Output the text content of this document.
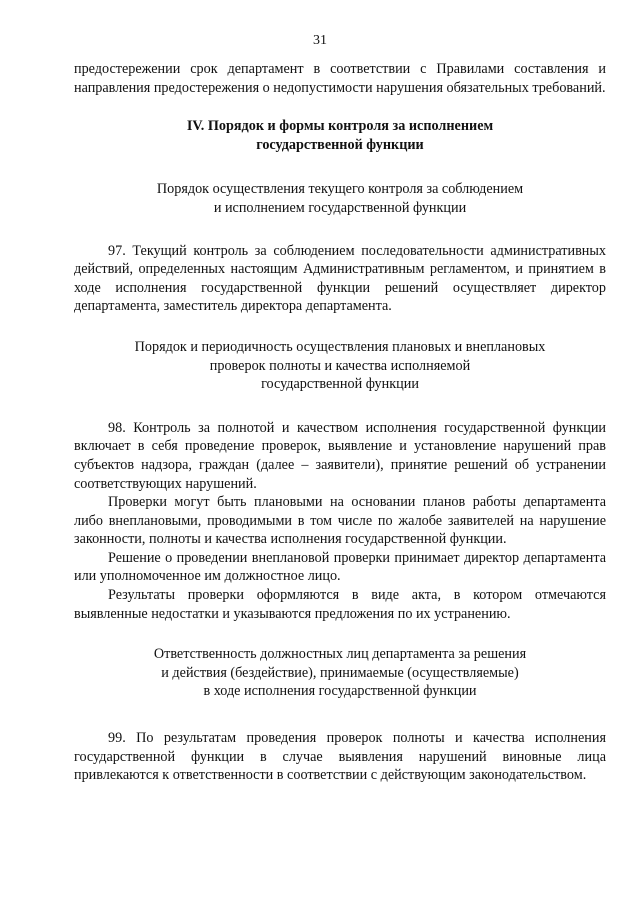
31

предостережении срок департамент в соответствии с Правилами составления и направления предостережения о недопустимости нарушения обязательных требований.

IV. Порядок и формы контроля за исполнением
государственной функции
Порядок осуществления текущего контроля за соблюдением
и исполнением государственной функции

97. Текущий контроль за соблюдением последовательности административных действий, определенных настоящим Административным регламентом, и принятием в ходе исполнения государственной функции решений осуществляет директор департамента, заместитель директора департамента.

Порядок и периодичность осуществления плановых и внеплановых
проверок полноты и качества исполняемой
государственной функции

98. Контроль за полнотой и качеством исполнения государственной функции включает в себя проведение проверок, выявление и установление нарушений прав субъектов надзора, граждан (далее – заявители), принятие решений об устранении соответствующих нарушений.

Проверки могут быть плановыми на основании планов работы департамента либо внеплановыми, проводимыми в том числе по жалобе заявителей на нарушение законности, полноты и качества исполнения государственной функции.

Решение о проведении внеплановой проверки принимает директор департамента или уполномоченное им должностное лицо.

Результаты проверки оформляются в виде акта, в котором отмечаются выявленные недостатки и указываются предложения по их устранению.

Ответственность должностных лиц департамента за решения
и действия (бездействие), принимаемые (осуществляемые)
в ходе исполнения государственной функции

99. По результатам проведения проверок полноты и качества исполнения государственной функции в случае выявления нарушений виновные лица привлекаются к ответственности в соответствии с действующим законодательством.
